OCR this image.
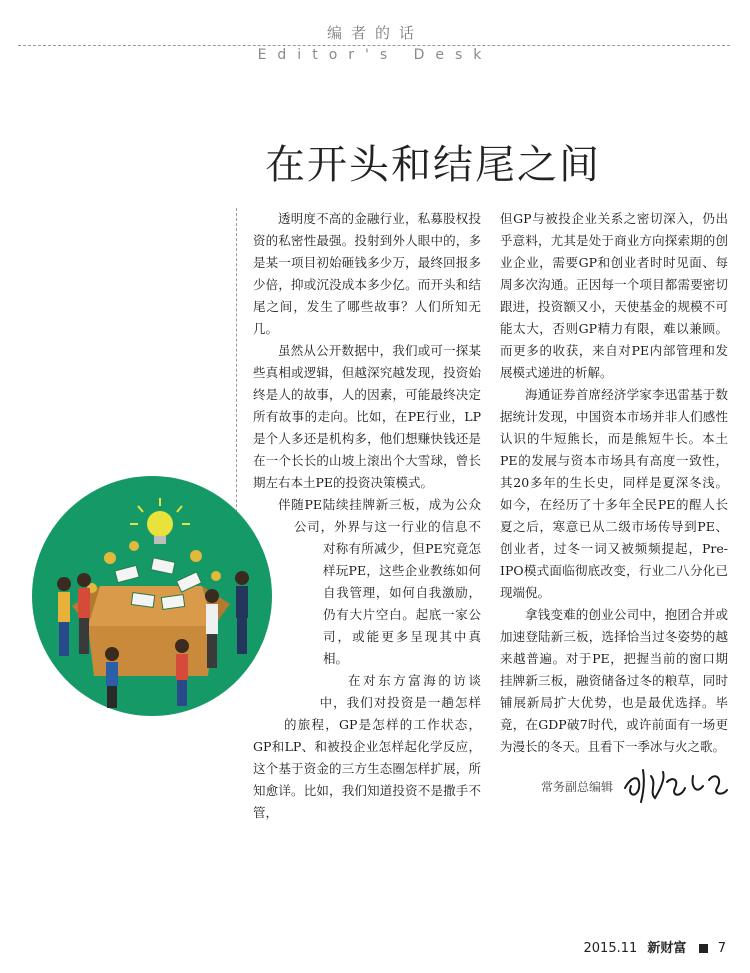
编者的话
Editor's Desk
在开头和结尾之间

透明度不高的金融行业，私募股权投资的私密性最强。投射到外人眼中的，多是某一项目初始砸钱多少万，最终回报多少倍，抑或沉没成本多少亿。而开头和结尾之间，发生了哪些故事？人们所知无几。

虽然从公开数据中，我们或可一探某些真相或逻辑，但越深究越发现，投资始终是人的故事，人的因素，可能最终决定所有故事的走向。比如，在PE行业，LP是个人多还是机构多，他们想赚快钱还是在一个长长的山坡上滚出个大雪球，曾长期左右本土PE的投资决策模式。

伴随PE陆续挂牌新三板，成为公众公司，外界与这一行业的信息不对称有所减少，但PE究竟怎样玩PE，这些企业教练如何自我管理，如何自我激励，仍有大片空白。起底一家公司，或能更多呈现其中真相。

在对东方富海的访谈中，我们对投资是一趟怎样的旅程，GP是怎样的工作状态，GP和LP、和被投企业怎样起化学反应，这个基于资金的三方生态圈怎样扩展，所知愈详。比如，我们知道投资不是撒手不管，

但GP与被投企业关系之密切深入，仍出乎意料，尤其是处于商业方向探索期的创业企业，需要GP和创业者时时见面、每周多次沟通。正因每一个项目都需要密切跟进，投资额又小，天使基金的规模不可能太大，否则GP精力有限，难以兼顾。而更多的收获，来自对PE内部管理和发展模式递进的析解。

海通证券首席经济学家李迅雷基于数据统计发现，中国资本市场并非人们感性认识的牛短熊长，而是熊短牛长。本土PE的发展与资本市场具有高度一致性，其20多年的生长史，同样是夏深冬浅。如今，在经历了十多年全民PE的酲人长夏之后，寒意已从二级市场传导到PE、创业者，过冬一词又被频频提起，Pre-IPO模式面临彻底改变，行业二八分化已现端倪。

拿钱变难的创业公司中，抱团合并或加速登陆新三板，选择恰当过冬姿势的越来越普遍。对于PE，把握当前的窗口期挂牌新三板，融资储备过冬的粮草，同时铺展新局扩大优势，也是最优选择。毕竟，在GDP破7时代，或许前面有一场更为漫长的冬天。且看下一季冰与火之歌。

常务副总编辑
2015.11 新财富 7
